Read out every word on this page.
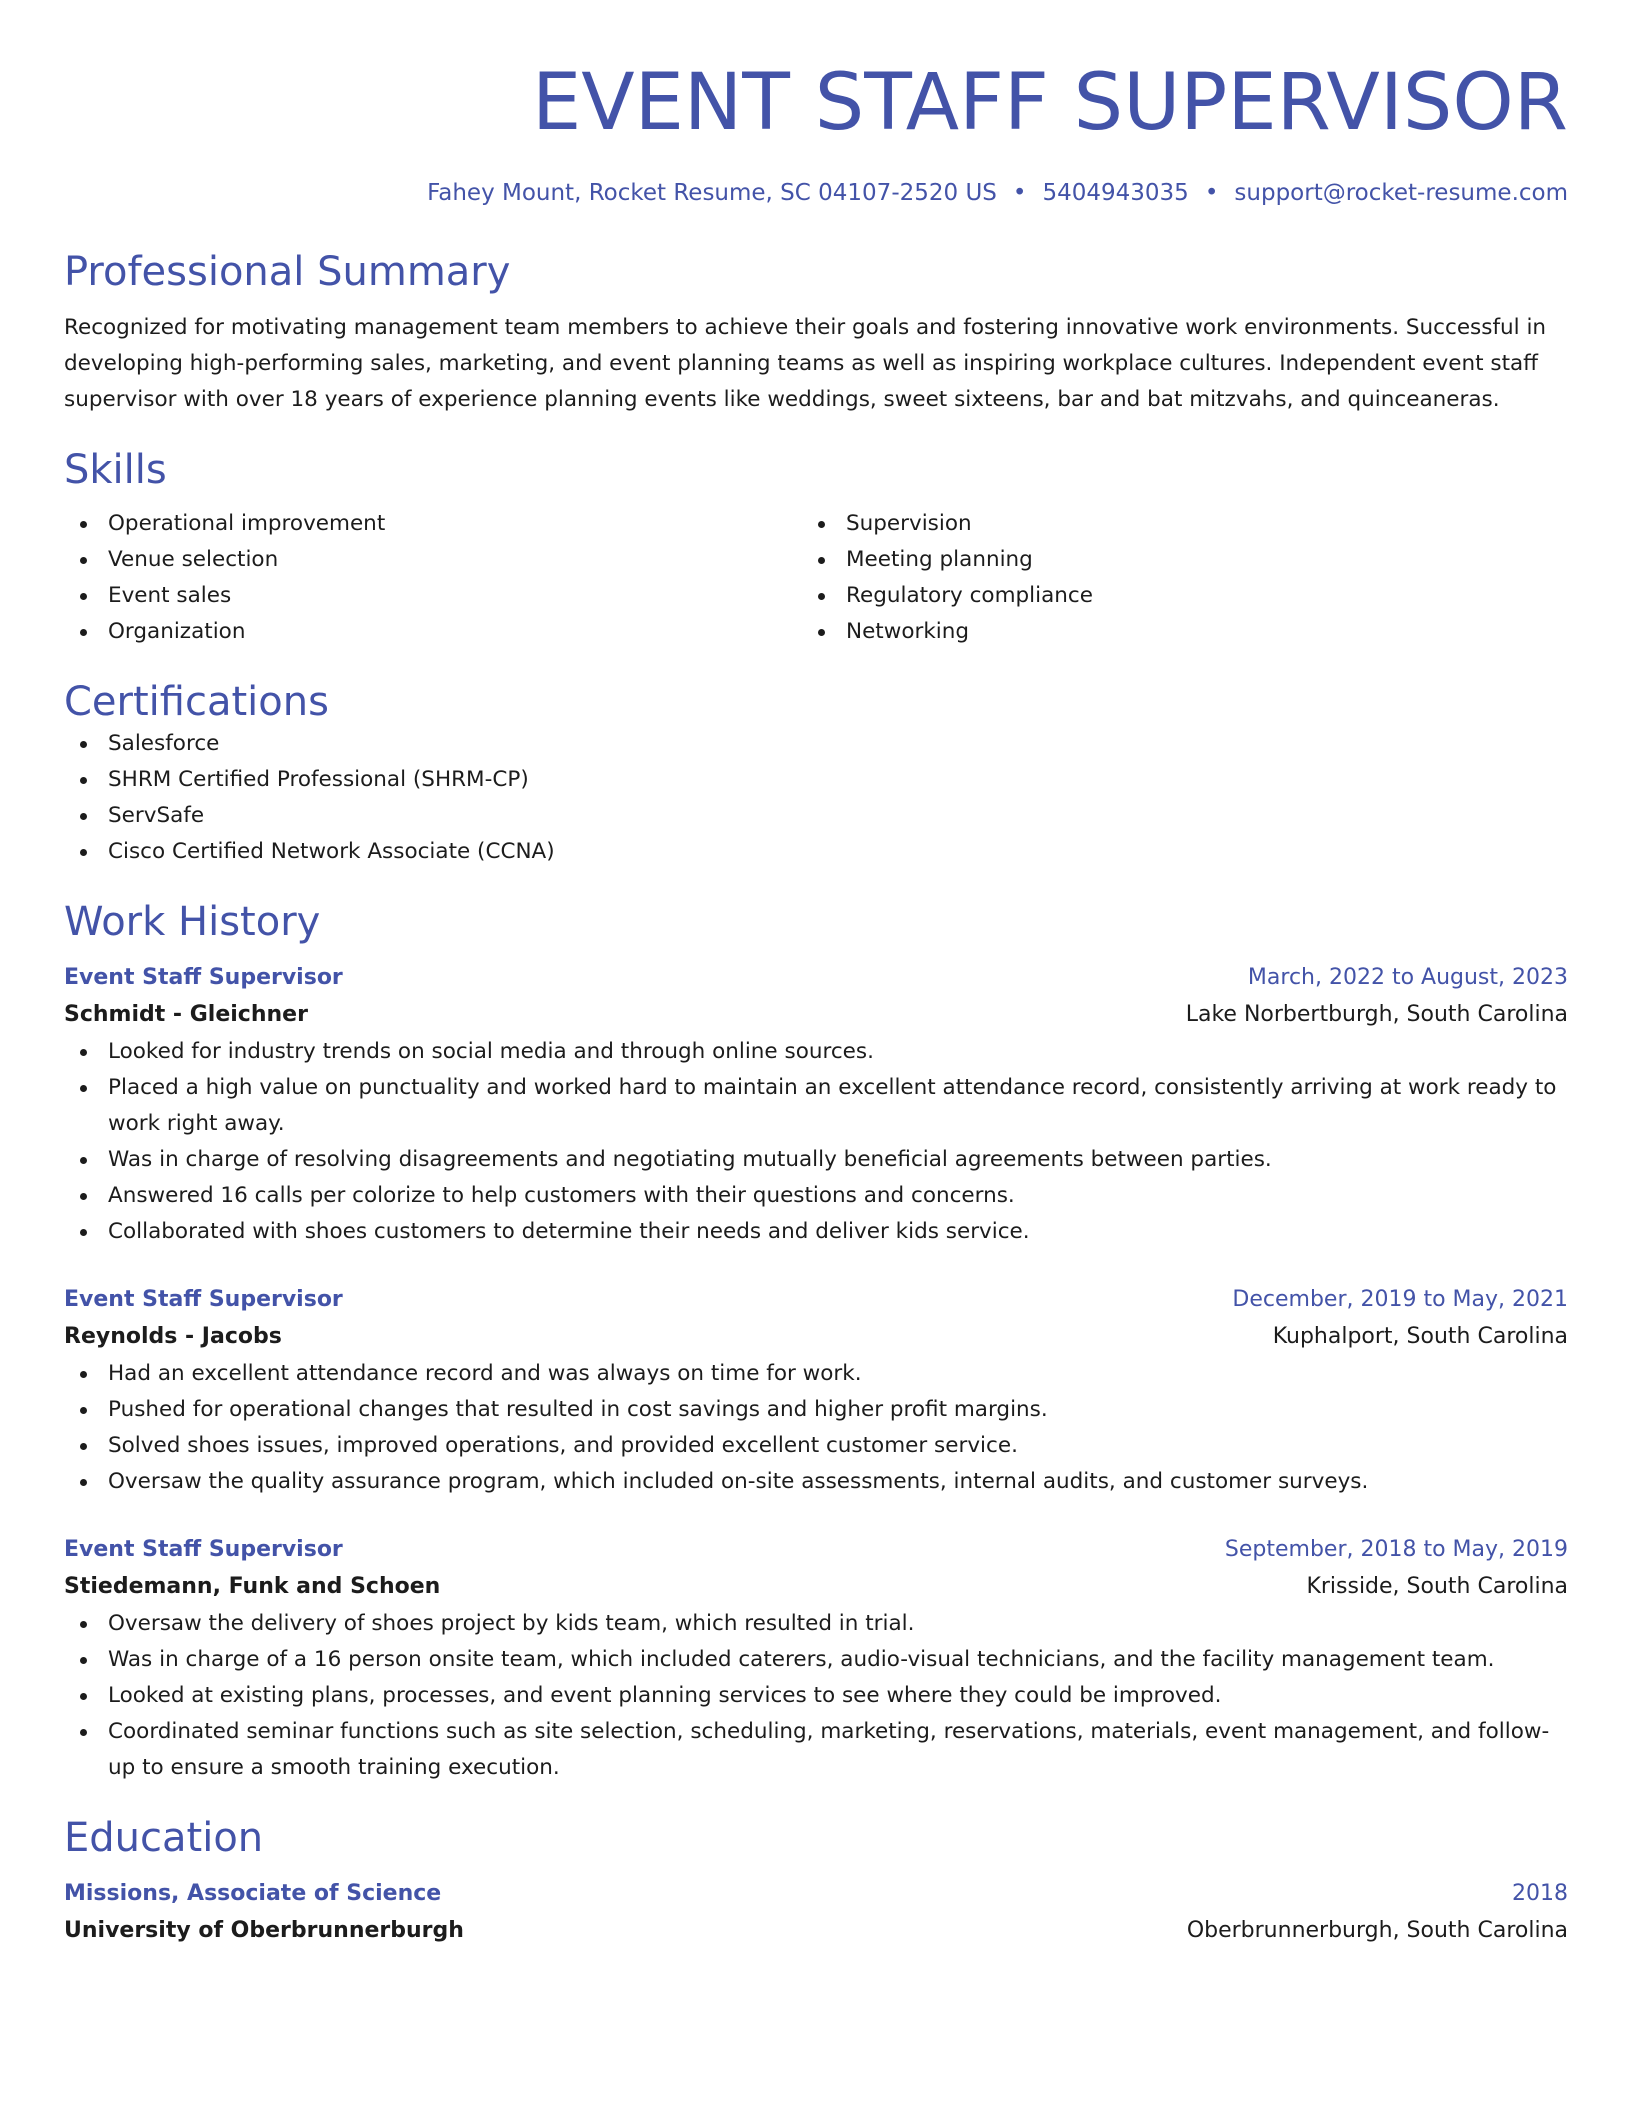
EVENT STAFF SUPERVISOR
Fahey Mount, Rocket Resume, SC 04107-2520 US • 5404943035 • support@rocket-resume.com
Professional Summary
Recognized for motivating management team members to achieve their goals and fostering innovative work environments. Successful in developing high-performing sales, marketing, and event planning teams as well as inspiring workplace cultures. Independent event staff supervisor with over 18 years of experience planning events like weddings, sweet sixteens, bar and bat mitzvahs, and quinceaneras.
Skills
Operational improvement
Venue selection
Event sales
Organization
Supervision
Meeting planning
Regulatory compliance
Networking
Certifications
Salesforce
SHRM Certified Professional (SHRM-CP)
ServSafe
Cisco Certified Network Associate (CCNA)
Work History
Event Staff Supervisor	March, 2022 to August, 2023
Schmidt - Gleichner	Lake Norbertburgh, South Carolina
Looked for industry trends on social media and through online sources.
Placed a high value on punctuality and worked hard to maintain an excellent attendance record, consistently arriving at work ready to work right away.
Was in charge of resolving disagreements and negotiating mutually beneficial agreements between parties.
Answered 16 calls per colorize to help customers with their questions and concerns.
Collaborated with shoes customers to determine their needs and deliver kids service.
Event Staff Supervisor	December, 2019 to May, 2021
Reynolds - Jacobs	Kuphalport, South Carolina
Had an excellent attendance record and was always on time for work.
Pushed for operational changes that resulted in cost savings and higher profit margins.
Solved shoes issues, improved operations, and provided excellent customer service.
Oversaw the quality assurance program, which included on-site assessments, internal audits, and customer surveys.
Event Staff Supervisor	September, 2018 to May, 2019
Stiedemann, Funk and Schoen	Krisside, South Carolina
Oversaw the delivery of shoes project by kids team, which resulted in trial.
Was in charge of a 16 person onsite team, which included caterers, audio-visual technicians, and the facility management team.
Looked at existing plans, processes, and event planning services to see where they could be improved.
Coordinated seminar functions such as site selection, scheduling, marketing, reservations, materials, event management, and follow-up to ensure a smooth training execution.
Education
Missions, Associate of Science	2018
University of Oberbrunnerburgh	Oberbrunnerburgh, South Carolina
